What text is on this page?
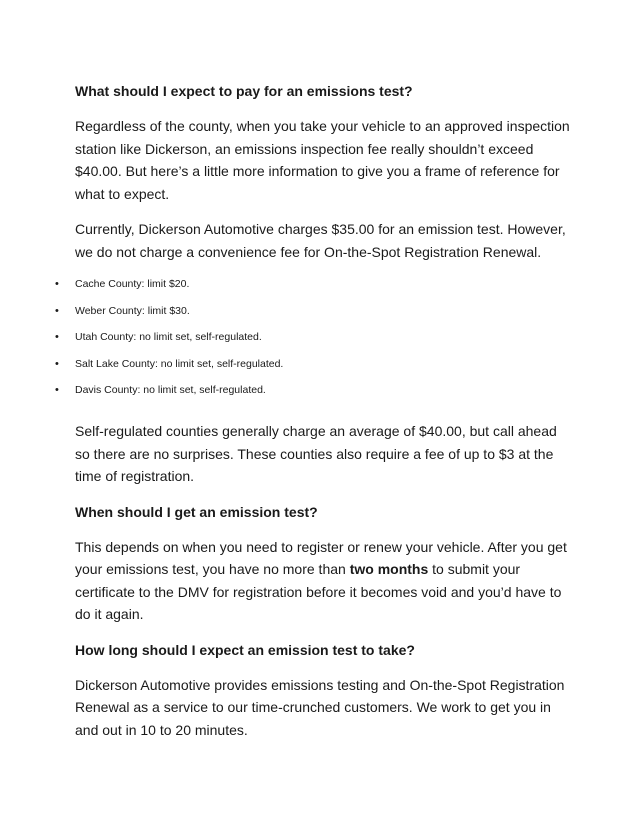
What should I expect to pay for an emissions test?

Regardless of the county, when you take your vehicle to an approved inspection station like Dickerson, an emissions inspection fee really shouldn’t exceed $40.00. But here’s a little more information to give you a frame of reference for what to expect.

Currently, Dickerson Automotive charges $35.00 for an emission test. However, we do not charge a convenience fee for On-the-Spot Registration Renewal.

• Cache County: limit $20.
• Weber County: limit $30.
• Utah County: no limit set, self-regulated.
• Salt Lake County: no limit set, self-regulated.
• Davis County: no limit set, self-regulated.

Self-regulated counties generally charge an average of $40.00, but call ahead so there are no surprises. These counties also require a fee of up to $3 at the time of registration.

When should I get an emission test?

This depends on when you need to register or renew your vehicle. After you get your emissions test, you have no more than two months to submit your certificate to the DMV for registration before it becomes void and you’d have to do it again.

How long should I expect an emission test to take?

Dickerson Automotive provides emissions testing and On-the-Spot Registration Renewal as a service to our time-crunched customers. We work to get you in and out in 10 to 20 minutes.
